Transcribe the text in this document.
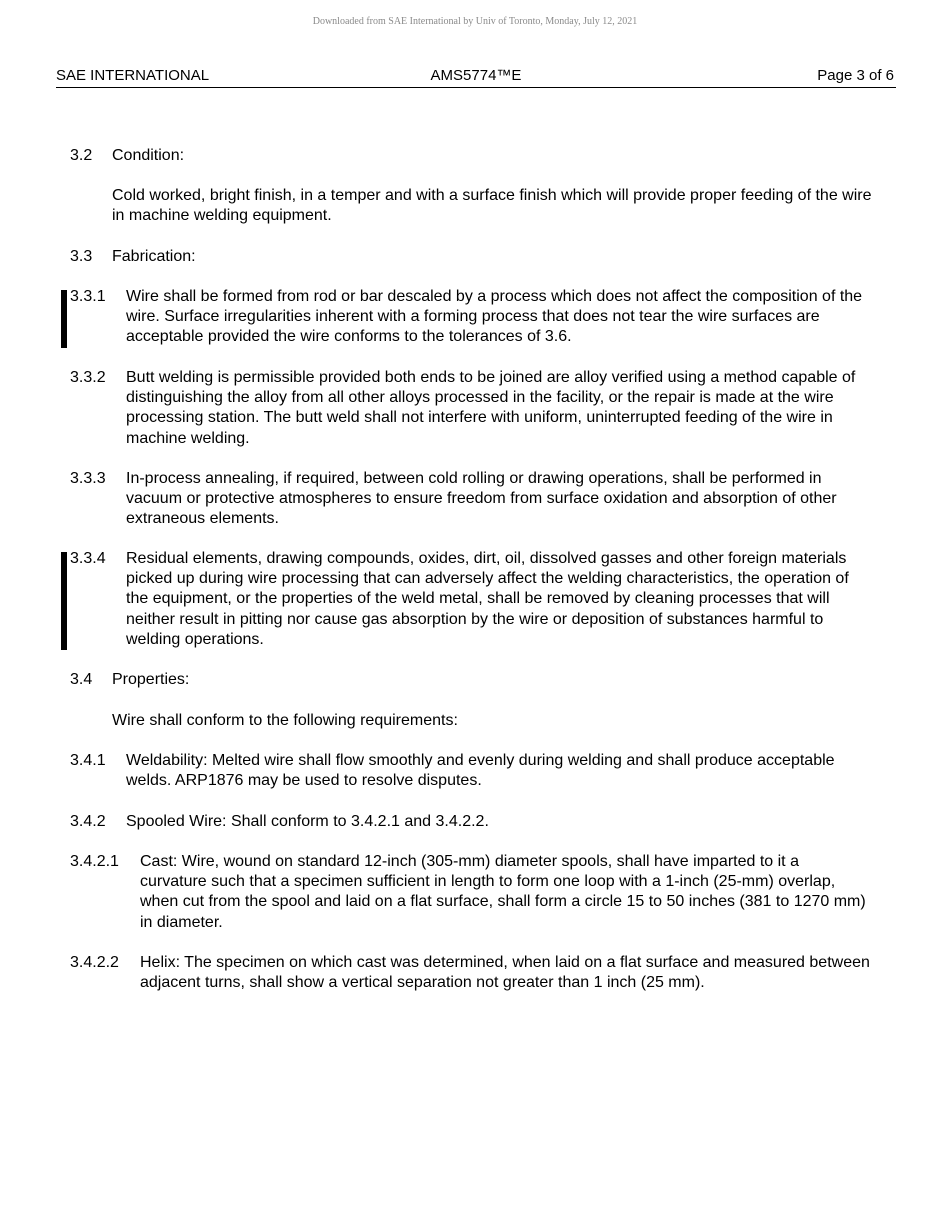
Downloaded from SAE International by Univ of Toronto, Monday, July 12, 2021
SAE INTERNATIONAL	AMS5774™E	Page 3 of 6
3.2 Condition:
Cold worked, bright finish, in a temper and with a surface finish which will provide proper feeding of the wire in machine welding equipment.
3.3 Fabrication:
3.3.1 Wire shall be formed from rod or bar descaled by a process which does not affect the composition of the wire. Surface irregularities inherent with a forming process that does not tear the wire surfaces are acceptable provided the wire conforms to the tolerances of 3.6.
3.3.2 Butt welding is permissible provided both ends to be joined are alloy verified using a method capable of distinguishing the alloy from all other alloys processed in the facility, or the repair is made at the wire processing station. The butt weld shall not interfere with uniform, uninterrupted feeding of the wire in machine welding.
3.3.3 In-process annealing, if required, between cold rolling or drawing operations, shall be performed in vacuum or protective atmospheres to ensure freedom from surface oxidation and absorption of other extraneous elements.
3.3.4 Residual elements, drawing compounds, oxides, dirt, oil, dissolved gasses and other foreign materials picked up during wire processing that can adversely affect the welding characteristics, the operation of the equipment, or the properties of the weld metal, shall be removed by cleaning processes that will neither result in pitting nor cause gas absorption by the wire or deposition of substances harmful to welding operations.
3.4 Properties:
Wire shall conform to the following requirements:
3.4.1 Weldability: Melted wire shall flow smoothly and evenly during welding and shall produce acceptable welds. ARP1876 may be used to resolve disputes.
3.4.2 Spooled Wire: Shall conform to 3.4.2.1 and 3.4.2.2.
3.4.2.1 Cast: Wire, wound on standard 12-inch (305-mm) diameter spools, shall have imparted to it a curvature such that a specimen sufficient in length to form one loop with a 1-inch (25-mm) overlap, when cut from the spool and laid on a flat surface, shall form a circle 15 to 50 inches (381 to 1270 mm) in diameter.
3.4.2.2 Helix: The specimen on which cast was determined, when laid on a flat surface and measured between adjacent turns, shall show a vertical separation not greater than 1 inch (25 mm).
